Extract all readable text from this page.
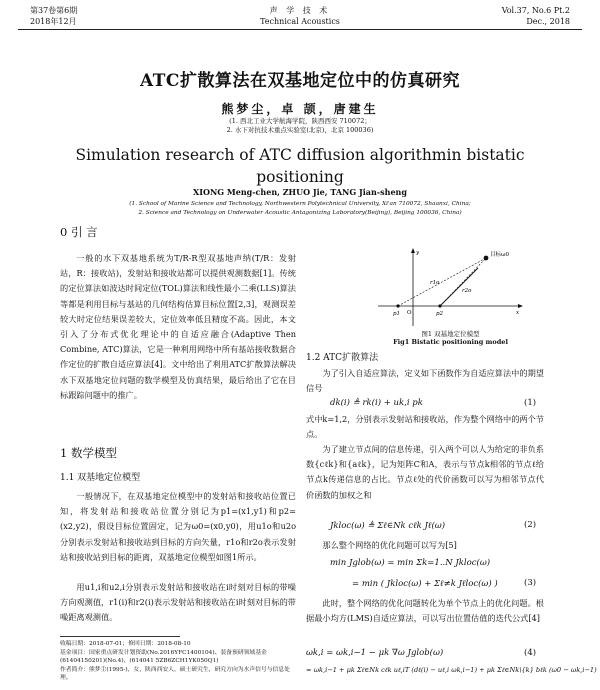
第37卷第6期
2018年12月
声 学 技 术
Technical Acoustics
Vol.37, No.6 Pt.2
Dec., 2018
ATC扩散算法在双基地定位中的仿真研究
熊梦尘，卓 颉，唐建生
(1. 西北工业大学航海学院，陕西西安 710072；
2. 水下对抗技术重点实验室(北京)，北京 100036)
Simulation research of ATC diffusion algorithmin bistatic
positioning
XIONG Meng-chen, ZHUO Jie, TANG Jian-sheng
(1. School of Marine Science and Technology, Northwestern Polytechnical University, Xi'an 710072, Shaanxi, China;
2. Science and Technology on Underwater Acoustic Antagonizing Laboratory(Beijing), Beijing 100036, China)
0 引 言
一般的水下双基地系统为T/R-R型双基地声纳(T/R：发射站，R：接收站)，发射站和接收站都可以提供观测数据[1]。传统的定位算法如波达时间定位(TOL)算法和线性最小二乘(LLS)算法等都是利用目标与基站的几何结构估算目标位置[2,3]，观测误差较大时定位结果误差较大，定位效率低且精度不高。因此，本文引入了分布式优化理论中的自适应融合(Adaptive Then Combine, ATC)算法，它是一种利用网络中所有基站接收数据合作定位的扩散自适应算法[4]。文中给出了利用ATC扩散算法解决水下双基地定位问题的数学模型及仿真结果，最后给出了它在目标跟踪问题中的推广。
1 数学模型
1.1 双基地定位模型
一般情况下，在双基地定位模型中的发射站和接收站位置已知，将发射站和接收站位置分别记为p1=(x1,y1)和p2=(x2,y2)，假设目标位置固定，记为ω0=(x0,y0)，用u1o和u2o分别表示发射站和接收站到目标的方向矢量，r1o和r2o表示发射站和接收站到目标的距离，双基地定位模型如图1所示。
用u1,i和u2,i分别表示发射站和接收站在i时刻对目标的带噪方向观测值，r1(i)和r2(i)表示发射站和接收站在i时刻对目标的带噪距离观测值。
收稿日期：2018-07-01；修回日期：2018-08-10
基金项目：国家重点研发计划资助(No.2016YFC1400104)、装备预研领域基金(61404150201)(No.4)、(614041 5ZB6ZCH1YK050Q1)
作者简介：熊梦尘(1995-)，女，陕西西安人，硕士研究生，研究方向为水声信号与信息处理。
目标ω0
r1o
r2o
y
x
p1	p2
O
图1 双基地定位模型
Fig1 Bistatic positioning model
1.2 ATC扩散算法
为了引入自适应算法，定义如下函数作为自适应算法中的期望信号
dk(i) ≜ rk(i) + uk,i pk	(1)
式中k=1,2，分别表示发射站和接收站，作为整个网络中的两个节点。
为了建立节点间的信息传递，引入两个可以人为给定的非负系数{cℓk}和{aℓk}，记为矩阵C和A，表示与节点k相邻的节点ℓ给节点k传递信息的占比。节点ℓ处的代价函数可以写为相邻节点代价函数的加权之和
Jkloc(ω) ≜ Σℓ∈Nk cℓk Jℓ(ω)	(2)
那么整个网络的优化问题可以写为[5]
min Jglob(ω) = min Σk=1..N Jkloc(ω)
= min ( Jkloc(ω) + Σℓ≠k Jℓloc(ω) )	(3)
此时，整个网络的优化问题转化为单个节点上的优化问题。根据最小均方(LMS)自适应算法，可以写出位置估值的迭代公式[4]
ωk,i = ωk,i−1 − μk ∇ω Jglob(ω)	(4)
= ωk,i−1 + μk Σℓ∈Nk cℓk uℓ,iT (dℓ(i) − uℓ,i ωk,i−1) + μk Σℓ∈Nk\{k} bℓk (ω0 − ωk,i−1)
